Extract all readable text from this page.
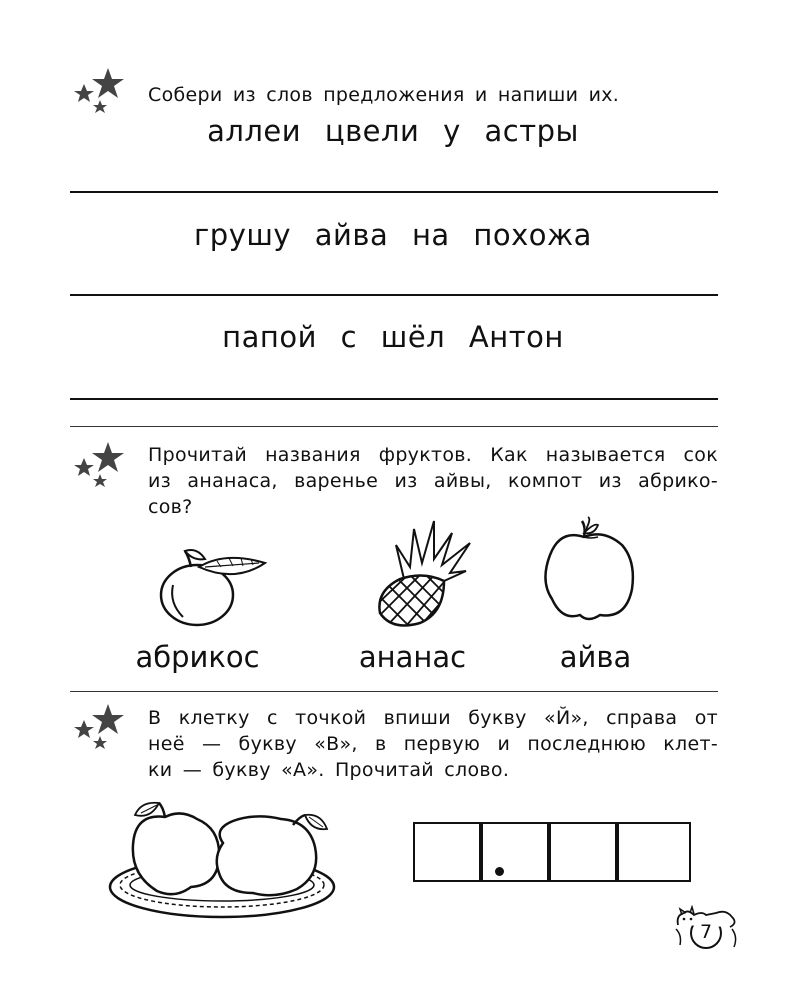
Собери из слов предложения и напиши их.
аллеи цвели у астры
грушу айва на похожа
папой с шёл Антон
Прочитай названия фруктов. Как называется сок
из ананаса, варенье из айвы, компот из абрико-
сов?
абрикос	ананас	айва
В клетку с точкой впиши букву «Й», справа от
неё — букву «В», в первую и последнюю клет-
ки — букву «А». Прочитай слово.
7
